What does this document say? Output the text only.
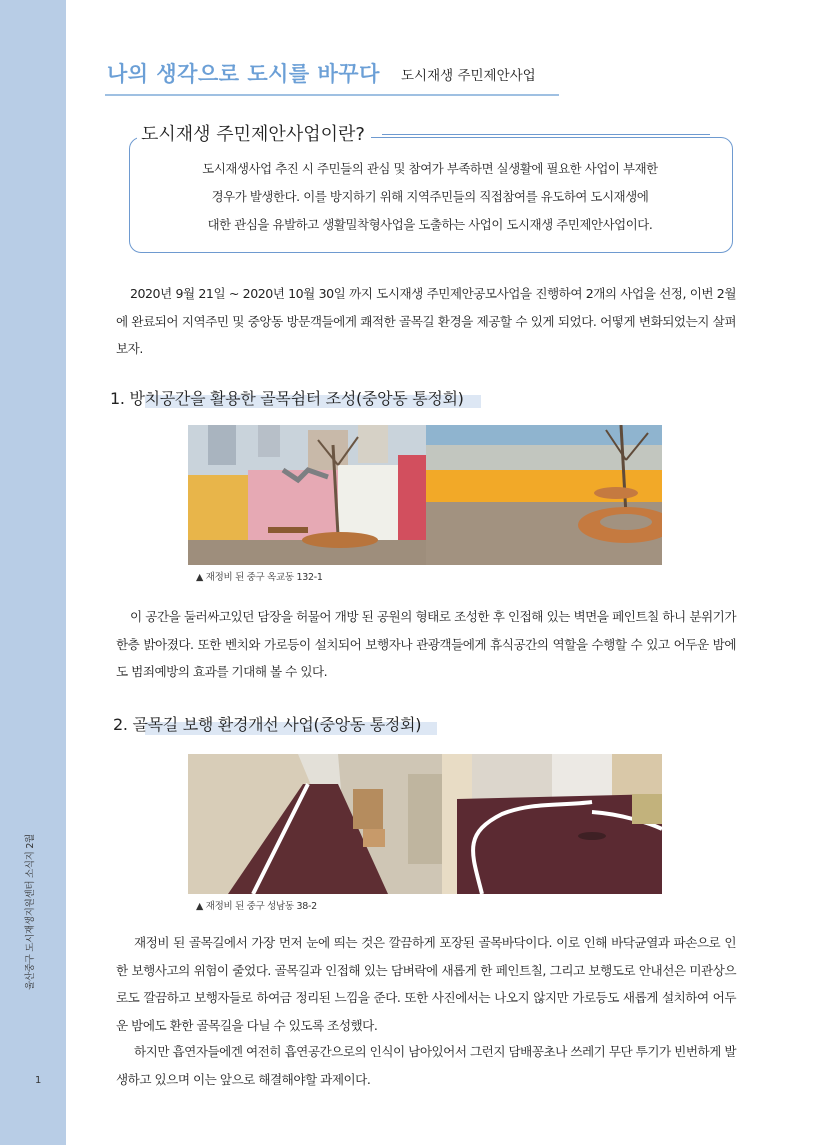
울산중구 도시재생지원센터 소식지 2월
1
나의 생각으로 도시를 바꾸다 도시재생 주민제안사업
도시재생 주민제안사업이란?
도시재생사업 추진 시 주민들의 관심 및 참여가 부족하면 실생활에 필요한 사업이 부재한
경우가 발생한다. 이를 방지하기 위해 지역주민들의 직접참여를 유도하여 도시재생에
대한 관심을 유발하고 생활밀착형사업을 도출하는 사업이 도시재생 주민제안사업이다.
2020년 9월 21일 ~ 2020년 10월 30일 까지 도시재생 주민제안공모사업을 진행하여 2개의 사업을 선정, 이번 2월에 완료되어 지역주민 및 중앙동 방문객들에게 쾌적한 골목길 환경을 제공할 수 있게 되었다. 어떻게 변화되었는지 살펴보자.
1. 방치공간을 활용한 골목쉼터 조성(중앙동 통정회)
▲ 재정비 된 중구 옥교동 132-1
이 공간을 둘러싸고있던 담장을 허물어 개방 된 공원의 형태로 조성한 후 인접해 있는 벽면을 페인트칠 하니 분위기가 한층 밝아졌다. 또한 벤치와 가로등이 설치되어 보행자나 관광객들에게 휴식공간의 역할을 수행할 수 있고 어두운 밤에도 범죄예방의 효과를 기대해 볼 수 있다.
2. 골목길 보행 환경개선 사업(중앙동 통정회)
▲ 재정비 된 중구 성남동 38-2
재정비 된 골목길에서 가장 먼저 눈에 띄는 것은 깔끔하게 포장된 골목바닥이다. 이로 인해 바닥균열과 파손으로 인한 보행사고의 위험이 줄었다. 골목길과 인접해 있는 담벼락에 새롭게 한 페인트칠, 그리고 보행도로 안내선은 미관상으로도 깔끔하고 보행자들로 하여금 정리된 느낌을 준다. 또한 사진에서는 나오지 않지만 가로등도 새롭게 설치하여 어두운 밤에도 환한 골목길을 다닐 수 있도록 조성했다.
하지만 흡연자들에겐 여전히 흡연공간으로의 인식이 남아있어서 그런지 담배꽁초나 쓰레기 무단 투기가 빈번하게 발생하고 있으며 이는 앞으로 해결해야할 과제이다.
